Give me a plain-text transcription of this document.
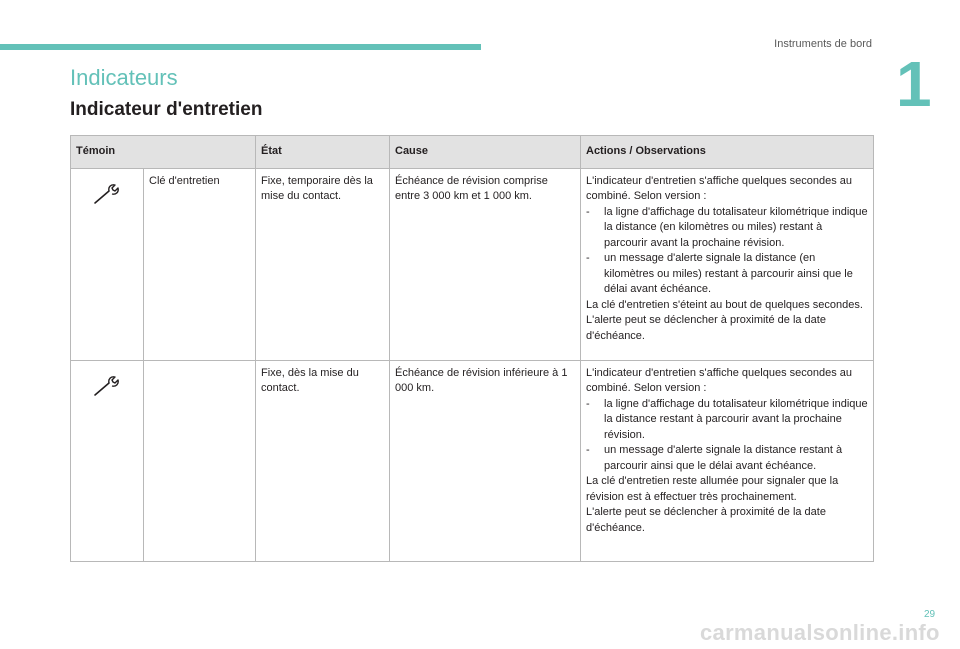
Instruments de bord
1
Indicateurs
Indicateur d'entretien
Témoin		État	Cause	Actions / Observations
	Clé d'entretien	Fixe, temporaire dès la mise du contact.	Échéance de révision comprise entre 3 000 km et 1 000 km.	L'indicateur d'entretien s'affiche quelques secondes au combiné. Selon version :
- la ligne d'affichage du totalisateur kilométrique indique la distance (en kilomètres ou miles) restant à parcourir avant la prochaine révision.
- un message d'alerte signale la distance (en kilomètres ou miles) restant à parcourir ainsi que le délai avant échéance.
La clé d'entretien s'éteint au bout de quelques secondes.
L'alerte peut se déclencher à proximité de la date d'échéance.

		Fixe, dès la mise du contact.	Échéance de révision inférieure à 1 000 km.	L'indicateur d'entretien s'affiche quelques secondes au combiné. Selon version :
- la ligne d'affichage du totalisateur kilométrique indique la distance restant à parcourir avant la prochaine révision.
- un message d'alerte signale la distance restant à parcourir ainsi que le délai avant échéance.
La clé d'entretien reste allumée pour signaler que la révision est à effectuer très prochainement.
L'alerte peut se déclencher à proximité de la date d'échéance.
29
carmanualsonline.info
